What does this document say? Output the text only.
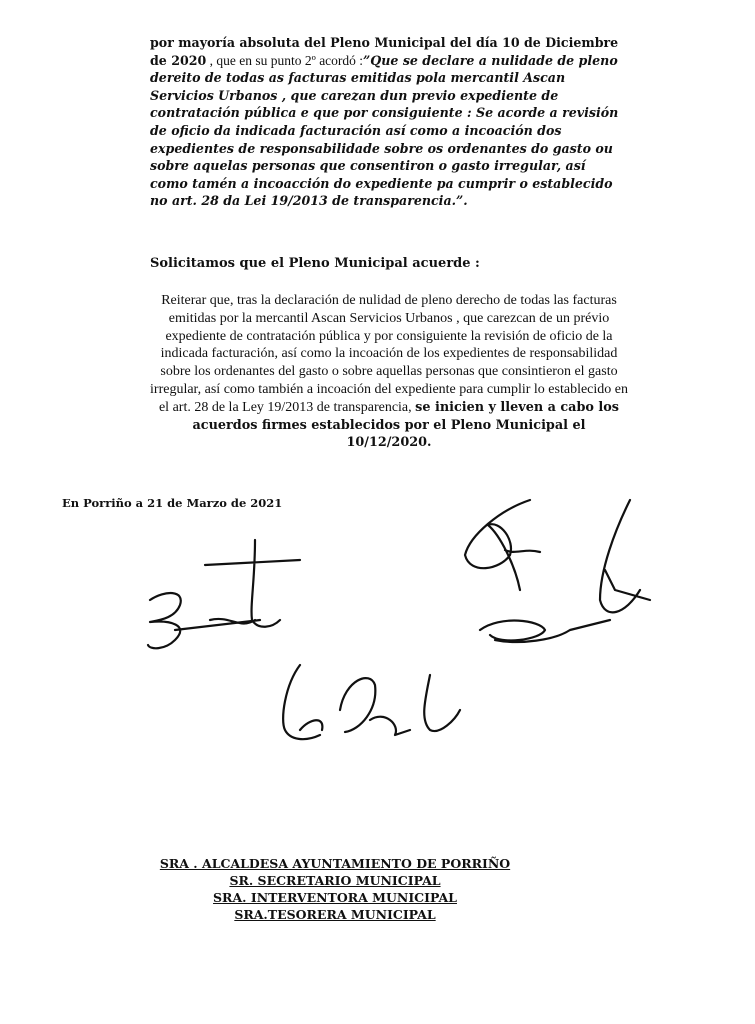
por mayoría absoluta del Pleno Municipal del día 10 de Diciembre de 2020 , que en su punto 2º acordó :”Que se declare a nulidade de pleno dereito de todas as facturas emitidas pola mercantil Ascan Servicios Urbanos , que carezan dun previo expediente de contratación pública e que por consiguiente : Se acorde a revisión de oficio da indicada facturación así como a incoación dos expedientes de responsabilidade sobre os ordenantes do gasto ou sobre aquelas personas que consentiron o gasto irregular, así como tamén a incoacción do expediente pa cumprir o establecido no art. 28 da Lei 19/2013 de transparencia.”.
Solicitamos que el Pleno Municipal acuerde :
Reiterar que, tras la declaración de nulidad de pleno derecho de todas las facturas emitidas por la mercantil Ascan Servicios Urbanos , que carezcan de un prévio expediente de contratación pública y por consiguiente la revisión de oficio de la indicada facturación, así como la incoación de los expedientes de responsabilidad sobre los ordenantes del gasto o sobre aquellas personas que consintieron el gasto irregular, así como también a incoación del expediente para cumplir lo establecido en el art. 28 de la Ley 19/2013 de transparencia, se inicien y lleven a cabo los acuerdos firmes establecidos por el Pleno Municipal el 10/12/2020.
En Porriño a 21 de Marzo de 2021
SRA . ALCALDESA AYUNTAMIENTO DE PORRIÑO
SR. SECRETARIO MUNICIPAL
SRA. INTERVENTORA MUNICIPAL
SRA.TESORERA MUNICIPAL
